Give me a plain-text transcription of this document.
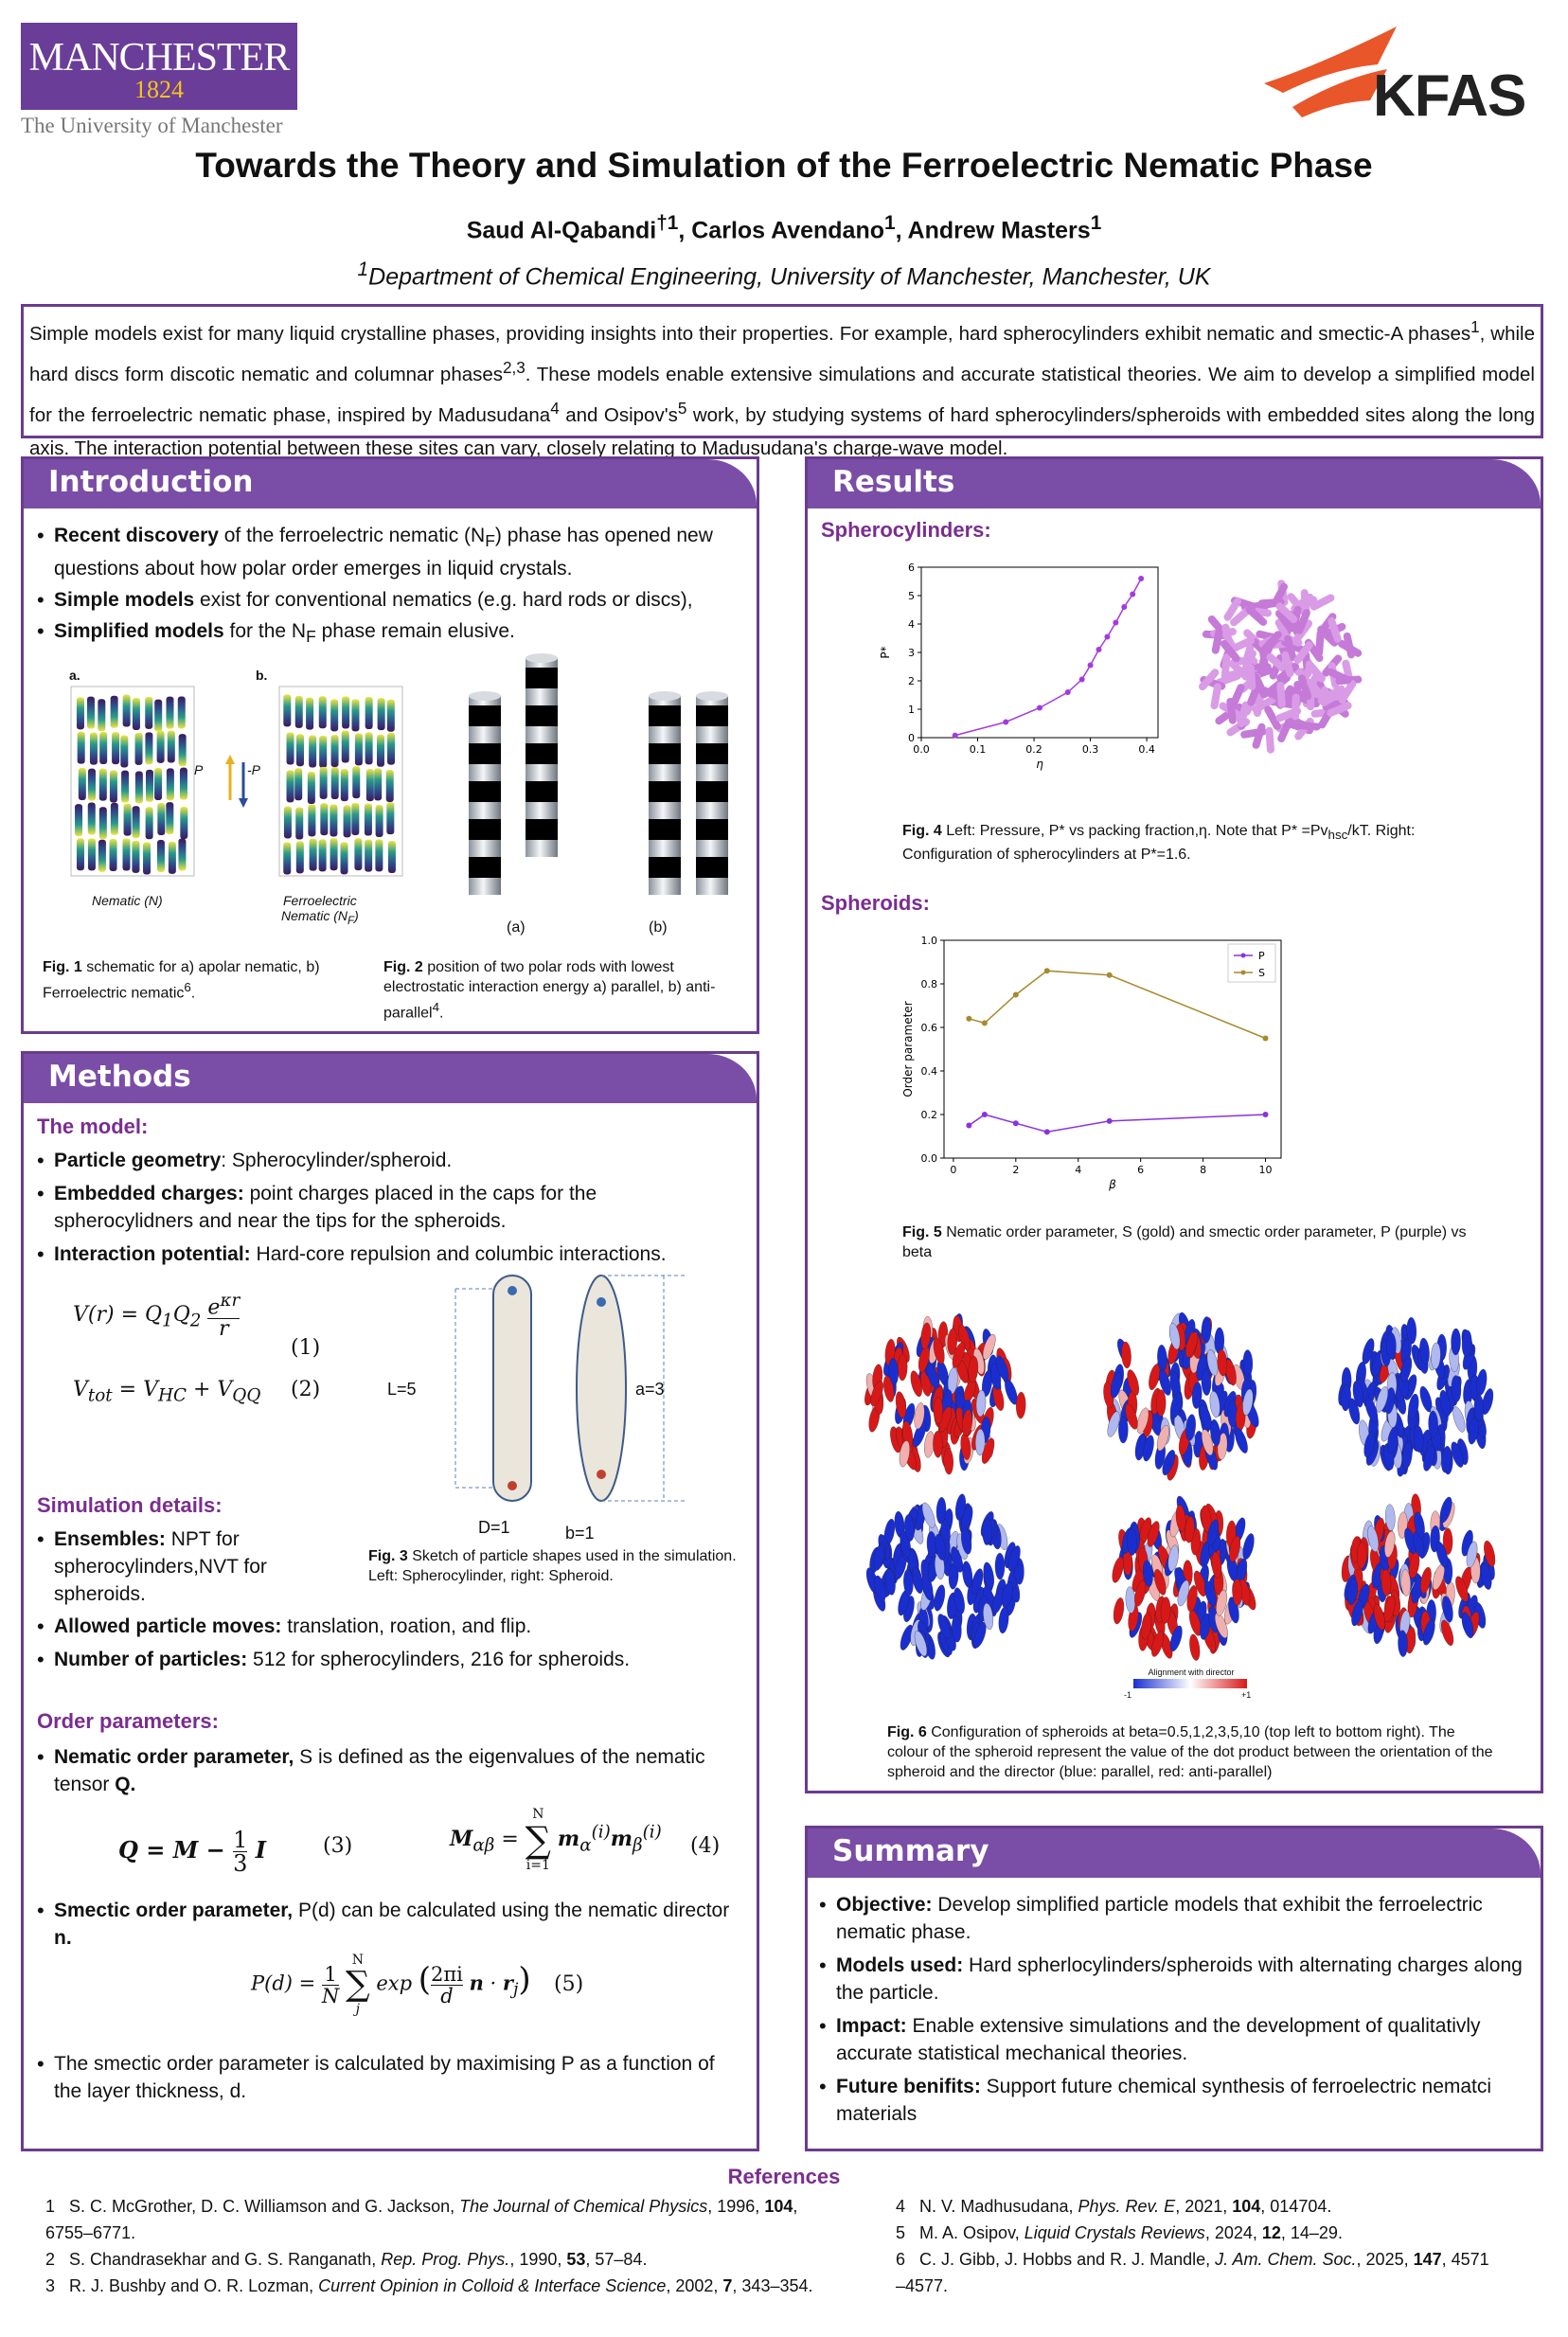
MANCHESTER
1824
The University of Manchester	KFAS
Towards the Theory and Simulation of the Ferroelectric Nematic Phase
Saud Al-Qabandi$^{\dagger 1}$, Carlos Avendano$^1$, Andrew Masters$^1$
$^1$Department of Chemical Engineering, University of Manchester, Manchester, UK
Simple models exist for many liquid crystalline phases, providing insights into their properties. For example, hard spherocylinders exhibit nematic and smectic-A phases$^1$, while hard discs form discotic nematic and columnar phases$^{2,3}$. These models enable extensive simulations and accurate statistical theories. We aim to develop a simplified model for the ferroelectric nematic phase, inspired by Madusudana$^4$ and $Osipov's^5$ work, by studying systems of hard spherocylinders/spheroids with embedded sites along the long axis. The interaction potential between these sites can vary, closely relating to Madusudana's charge-wave model.
Introduction
• Recent discovery of the ferroelectric nematic $(N_F)$ phase has opened new questions about how polar order emerges in liquid crystals.
• Simple models exist for conventional nematics (e.g. hard rods or discs),
• Simplified models for the $N_F$ phase remain elusive.
a.	b.
P	-P
Nematic (N)	Ferroelectric
Nematic $(N_F)$
(a)	(b)
Fig. 1 schematic for a) apolar nematic, b) Ferroelectric nematic$^6$.
Fig. 2 position of two polar rods with lowest electrostatic interaction energy a) parallel, b) anti-parallel$^4$.
Methods
The model:
• Particle geometry: Spherocylinder/spheroid.
• Embedded charges: point charges placed in the caps for the spherocylidners and near the tips for the spheroids.
• Interaction potential: Hard-core repulsion and columbic interactions.
$V(r) = Q_1Q_2$
$e^{\kappa r}$
r
(1)
$V_{tot} = V_{HC} + V_{QQ}$ (2)	L=5	a=3
D=1	b=1
Fig. 3 Sketch of particle shapes used in the simulation. Left: Spherocylinder, right: Spheroid.
Simulation details:
• Ensembles: NPT for spherocylinders,NVT for spheroids.
• Allowed particle moves: translation, roation, and flip.
• Number of particles: 512 for spherocylinders, 216 for spheroids.
Order parameters:
• Nematic order parameter, S is defined as the eigenvalues of the nematic tensor Q.
$Q = M - \frac{1}{3}$ I	(3)	$M_{\alpha\beta}$ =
N
∑
i=1
$m_\alpha^{(i)}m_\beta^{(i)}$
(4)
• Smectic order parameter, P(d) can be calculated using the nematic director n.
$P(d) = \frac{1}{N}$

N
∑
j
exp ( $\frac{2\pi i}{d}$ $n \cdot r_j$) (5)
• The smectic order parameter is calculated by maximising P as a function of the layer thickness, d.
Results
Spherocylinders:
0.0	0.1	0.2	0.3	0.4
0
1
2
3
4
5
6
η
P*
Fig. 4 Left: Pressure, P* vs packing fraction,η. Note that $P* =Pv_{hsc}/kT$. Right: Configuration of spherocylinders at P*=1.6.
Spheroids:
0	2	4	6	8	10
0.0
0.2
0.4
0.6
0.8
1.0
β
Order parameter
P
S
Fig. 5 Nematic order parameter, S (gold) and smectic order parameter, P (purple) vs beta
Alignment with director
-1	+1
Fig. 6 Configuration of spheroids at beta=0.5,1,2,3,5,10 (top left to bottom right). The colour of the spheroid represent the value of the dot product between the orientation of the spheroid and the director (blue: parallel, red: anti-parallel)
Summary
• Objective: Develop simplified particle models that exhibit the ferroelectric nematic phase.
• Models used: Hard spherlocylinders/spheroids with alternating charges along the particle.
• Impact: Enable extensive simulations and the development of qualitativly accurate statistical mechanical theories.
• Future benifits: Support future chemical synthesis of ferroelectric nematci materials
References
1 S. C. McGrother, D. C. Williamson and G. Jackson, The Journal of Chemical Physics, 1996, 104,
6755–6771.
2 S. Chandrasekhar and G. S. Ranganath, Rep. Prog. Phys., 1990, 53, 57–84.
3 R. J. Bushby and O. R. Lozman, Current Opinion in Colloid & Interface Science, 2002, 7, 343–354.
4 N. V. Madhusudana, Phys. Rev. E, 2021, 104, 014704.
5 M. A. Osipov, Liquid Crystals Reviews, 2024, 12, 14–29.
6 C. J. Gibb, J. Hobbs and R. J. Mandle, J. Am. Chem. Soc., 2025, 147, 4571
–4577.
